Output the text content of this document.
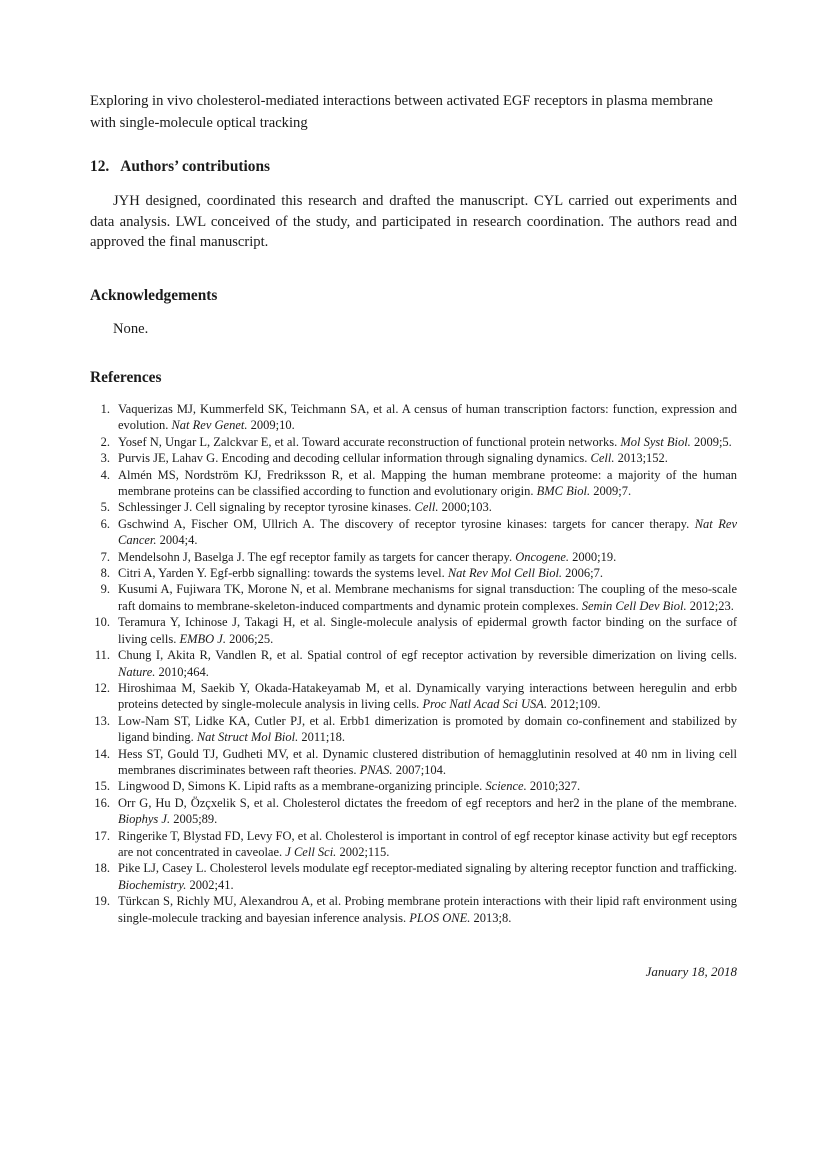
Exploring in vivo cholesterol-mediated interactions between activated EGF receptors in plasma membrane with single-molecule optical tracking
12. Authors’ contributions
JYH designed, coordinated this research and drafted the manuscript. CYL carried out experiments and data analysis. LWL conceived of the study, and participated in research coordination. The authors read and approved the final manuscript.
Acknowledgements
None.
References
1. Vaquerizas MJ, Kummerfeld SK, Teichmann SA, et al. A census of human transcription factors: function, expression and evolution. Nat Rev Genet. 2009;10.
2. Yosef N, Ungar L, Zalckvar E, et al. Toward accurate reconstruction of functional protein networks. Mol Syst Biol. 2009;5.
3. Purvis JE, Lahav G. Encoding and decoding cellular information through signaling dynamics. Cell. 2013;152.
4. Almén MS, Nordström KJ, Fredriksson R, et al. Mapping the human membrane proteome: a majority of the human membrane proteins can be classified according to function and evolutionary origin. BMC Biol. 2009;7.
5. Schlessinger J. Cell signaling by receptor tyrosine kinases. Cell. 2000;103.
6. Gschwind A, Fischer OM, Ullrich A. The discovery of receptor tyrosine kinases: targets for cancer therapy. Nat Rev Cancer. 2004;4.
7. Mendelsohn J, Baselga J. The egf receptor family as targets for cancer therapy. Oncogene. 2000;19.
8. Citri A, Yarden Y. Egf-erbb signalling: towards the systems level. Nat Rev Mol Cell Biol. 2006;7.
9. Kusumi A, Fujiwara TK, Morone N, et al. Membrane mechanisms for signal transduction: The coupling of the meso-scale raft domains to membrane-skeleton-induced compartments and dynamic protein complexes. Semin Cell Dev Biol. 2012;23.
10. Teramura Y, Ichinose J, Takagi H, et al. Single-molecule analysis of epidermal growth factor binding on the surface of living cells. EMBO J. 2006;25.
11. Chung I, Akita R, Vandlen R, et al. Spatial control of egf receptor activation by reversible dimerization on living cells. Nature. 2010;464.
12. Hiroshimaa M, Saekib Y, Okada-Hatakeyamab M, et al. Dynamically varying interactions between heregulin and erbb proteins detected by single-molecule analysis in living cells. Proc Natl Acad Sci USA. 2012;109.
13. Low-Nam ST, Lidke KA, Cutler PJ, et al. Erbb1 dimerization is promoted by domain co-confinement and stabilized by ligand binding. Nat Struct Mol Biol. 2011;18.
14. Hess ST, Gould TJ, Gudheti MV, et al. Dynamic clustered distribution of hemagglutinin resolved at 40 nm in living cell membranes discriminates between raft theories. PNAS. 2007;104.
15. Lingwood D, Simons K. Lipid rafts as a membrane-organizing principle. Science. 2010;327.
16. Orr G, Hu D, Özçxelik S, et al. Cholesterol dictates the freedom of egf receptors and her2 in the plane of the membrane. Biophys J. 2005;89.
17. Ringerike T, Blystad FD, Levy FO, et al. Cholesterol is important in control of egf receptor kinase activity but egf receptors are not concentrated in caveolae. J Cell Sci. 2002;115.
18. Pike LJ, Casey L. Cholesterol levels modulate egf receptor-mediated signaling by altering receptor function and trafficking. Biochemistry. 2002;41.
19. Türkcan S, Richly MU, Alexandrou A, et al. Probing membrane protein interactions with their lipid raft environment using single-molecule tracking and bayesian inference analysis. PLOS ONE. 2013;8.
January 18, 2018
